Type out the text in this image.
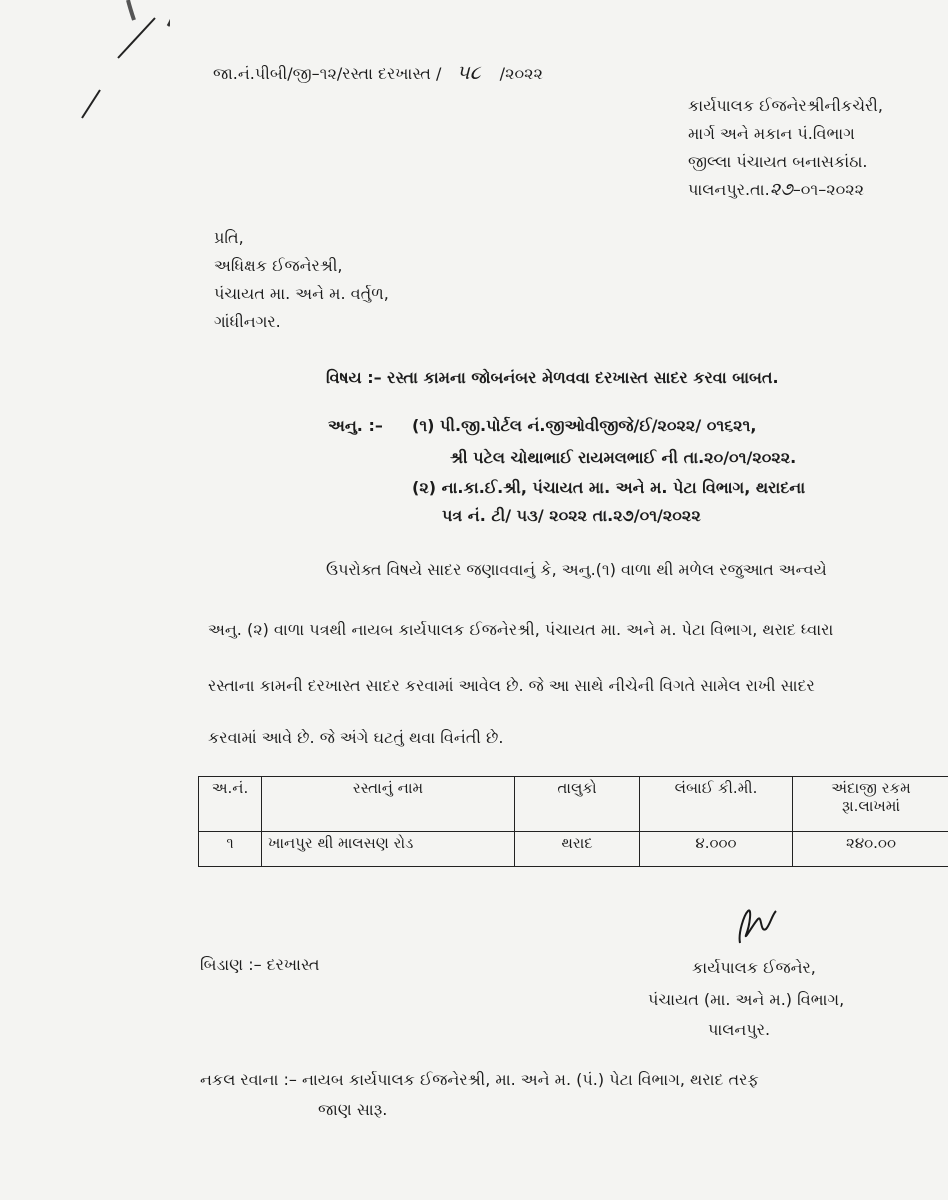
જા.નં.પીબી/જી–૧૨/રસ્તા દરખાસ્ત / ૫૮ /૨૦૨૨
કાર્યપાલક ઈજનેરશ્રીનીકચેરી,
માર્ગ અને મકાન પં.વિભાગ
જીલ્લા પંચાયત બનાસકાંઠા.
પાલનપુર.તા.૨૭–૦૧–૨૦૨૨
પ્રતિ,
અધિક્ષક ઈજનેરશ્રી,
પંચાયત મા. અને મ. વર્તુળ,
ગાંધીનગર.
વિષય :– રસ્તા કામના જોબનંબર મેળવવા દરખાસ્ત સાદર કરવા બાબત.
અનુ. :– (૧) પી.જી.પોર્ટલ નં.જીઓવીજીજે/ઈ/૨૦૨૨/ ૦૧૬૨૧,
શ્રી પટેલ ચોથાભાઈ રાયમલભાઈ ની તા.૨૦/૦૧/૨૦૨૨.
(૨) ના.કા.ઈ.શ્રી, પંચાયત મા. અને મ. પેટા વિભાગ, થરાદના
પત્ર નં. ટી/ ૫૩/ ૨૦૨૨ તા.૨૭/૦૧/૨૦૨૨
ઉપરોક્ત વિષયે સાદર જણાવવાનું કે, અનુ.(૧) વાળા થી મળેલ રજુઆત અન્વયે
અનુ. (૨) વાળા પત્રથી નાયબ કાર્યપાલક ઈજનેરશ્રી, પંચાયત મા. અને મ. પેટા વિભાગ, થરાદ ધ્વારા
રસ્તાના કામની દરખાસ્ત સાદર કરવામાં આવેલ છે. જે આ સાથે નીચેની વિગતે સામેલ રાખી સાદર
કરવામાં આવે છે. જે અંગે ઘટતું થવા વિનંતી છે.
અ.નં.	રસ્તાનું નામ	તાલુકો	લંબાઈ કી.મી.	અંદાજી રકમ
રૂા.લાખમાં

૧	ખાનપુર થી માલસણ રોડ	થરાદ	૪.૦૦૦	૨૪૦.૦૦
બિડાણ :– દરખાસ્ત	કાર્યપાલક ઈજનેર,
પંચાયત (મા. અને મ.) વિભાગ,
પાલનપુર.
નકલ રવાના :– નાયબ કાર્યપાલક ઈજનેરશ્રી, મા. અને મ. (પં.) પેટા વિભાગ, થરાદ તરફ
જાણ સારૂ.
